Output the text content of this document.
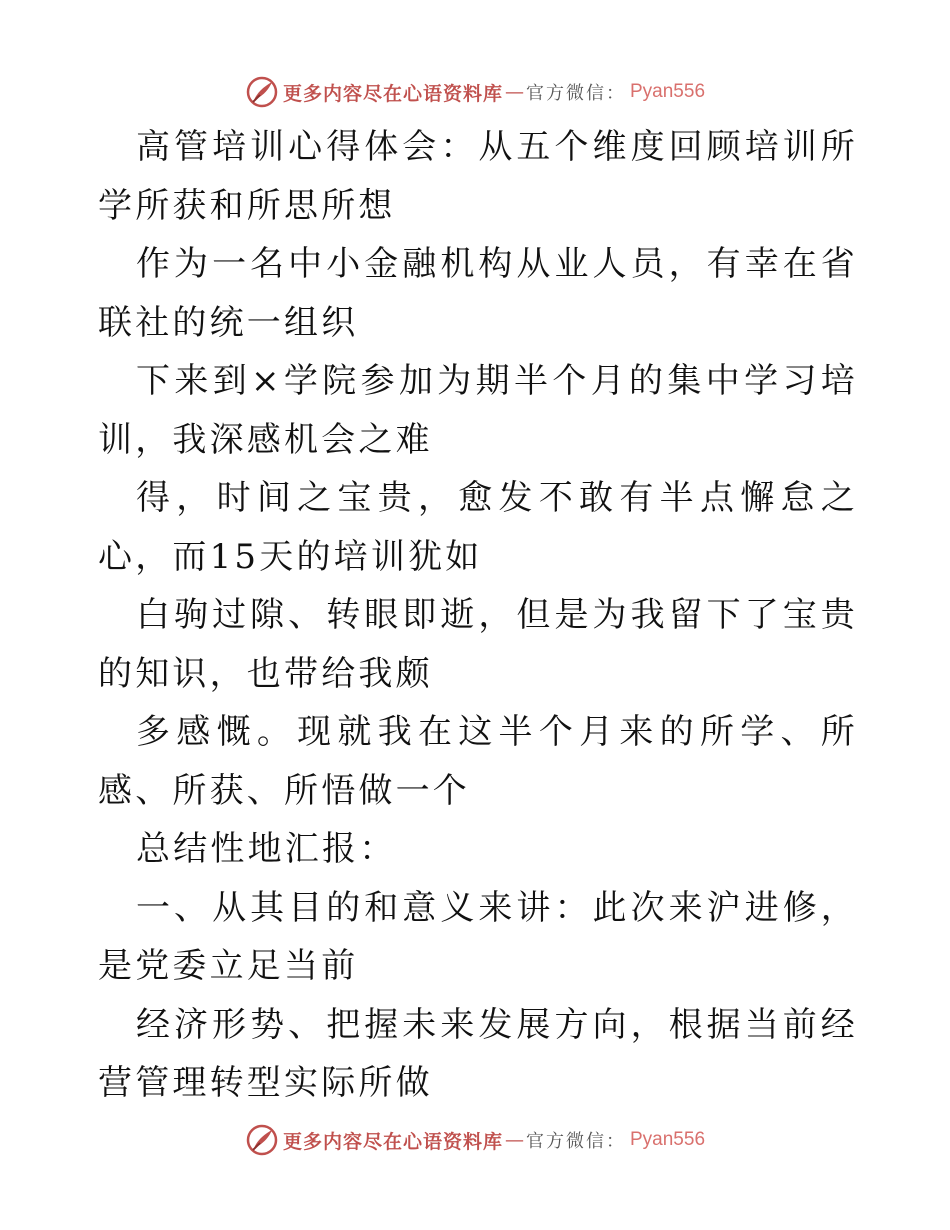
更多内容尽在心语资料库 — 官方微信： Pyan556

高管培训心得体会：从五个维度回顾培训所学所获和所思所想

作为一名中小金融机构从业人员，有幸在省联社的统一组织

下来到×学院参加为期半个月的集中学习培训，我深感机会之难

得，时间之宝贵，愈发不敢有半点懈怠之心，而15天的培训犹如

白驹过隙、转眼即逝，但是为我留下了宝贵的知识，也带给我颇

多感慨。现就我在这半个月来的所学、所感、所获、所悟做一个

总结性地汇报：

一、从其目的和意义来讲：此次来沪进修，是党委立足当前

经济形势、把握未来发展方向，根据当前经营管理转型实际所做

更多内容尽在心语资料库 — 官方微信： Pyan556
